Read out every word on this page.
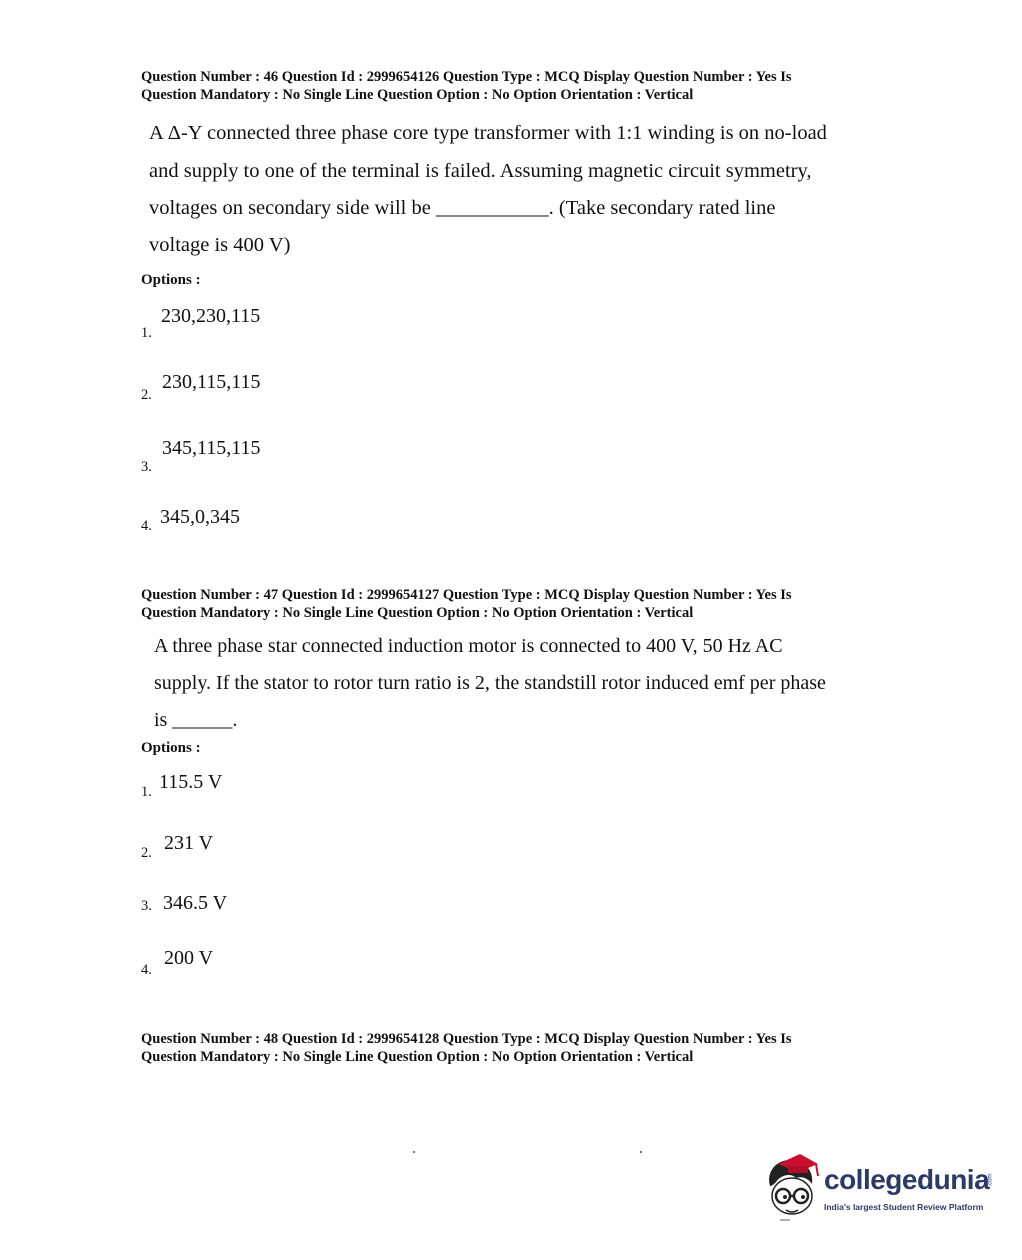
Question Number : 46 Question Id : 2999654126 Question Type : MCQ Display Question Number : Yes Is
Question Mandatory : No Single Line Question Option : No Option Orientation : Vertical
A Δ-Y connected three phase core type transformer with 1:1 winding is on no-load
and supply to one of the terminal is failed. Assuming magnetic circuit symmetry,
voltages on secondary side will be ___________. (Take secondary rated line
voltage is 400 V)
Options :
230,230,115
1.
230,115,115
2.
345,115,115
3.
345,0,345
4.
Question Number : 47 Question Id : 2999654127 Question Type : MCQ Display Question Number : Yes Is
Question Mandatory : No Single Line Question Option : No Option Orientation : Vertical
A three phase star connected induction motor is connected to 400 V, 50 Hz AC
supply. If the stator to rotor turn ratio is 2, the standstill rotor induced emf per phase
is ______.
Options :
115.5 V
1.
231 V
2.
346.5 V
3.
200 V
4.
Question Number : 48 Question Id : 2999654128 Question Type : MCQ Display Question Number : Yes Is
Question Mandatory : No Single Line Question Option : No Option Orientation : Vertical
collegedunia
.com
India's largest Student Review Platform
